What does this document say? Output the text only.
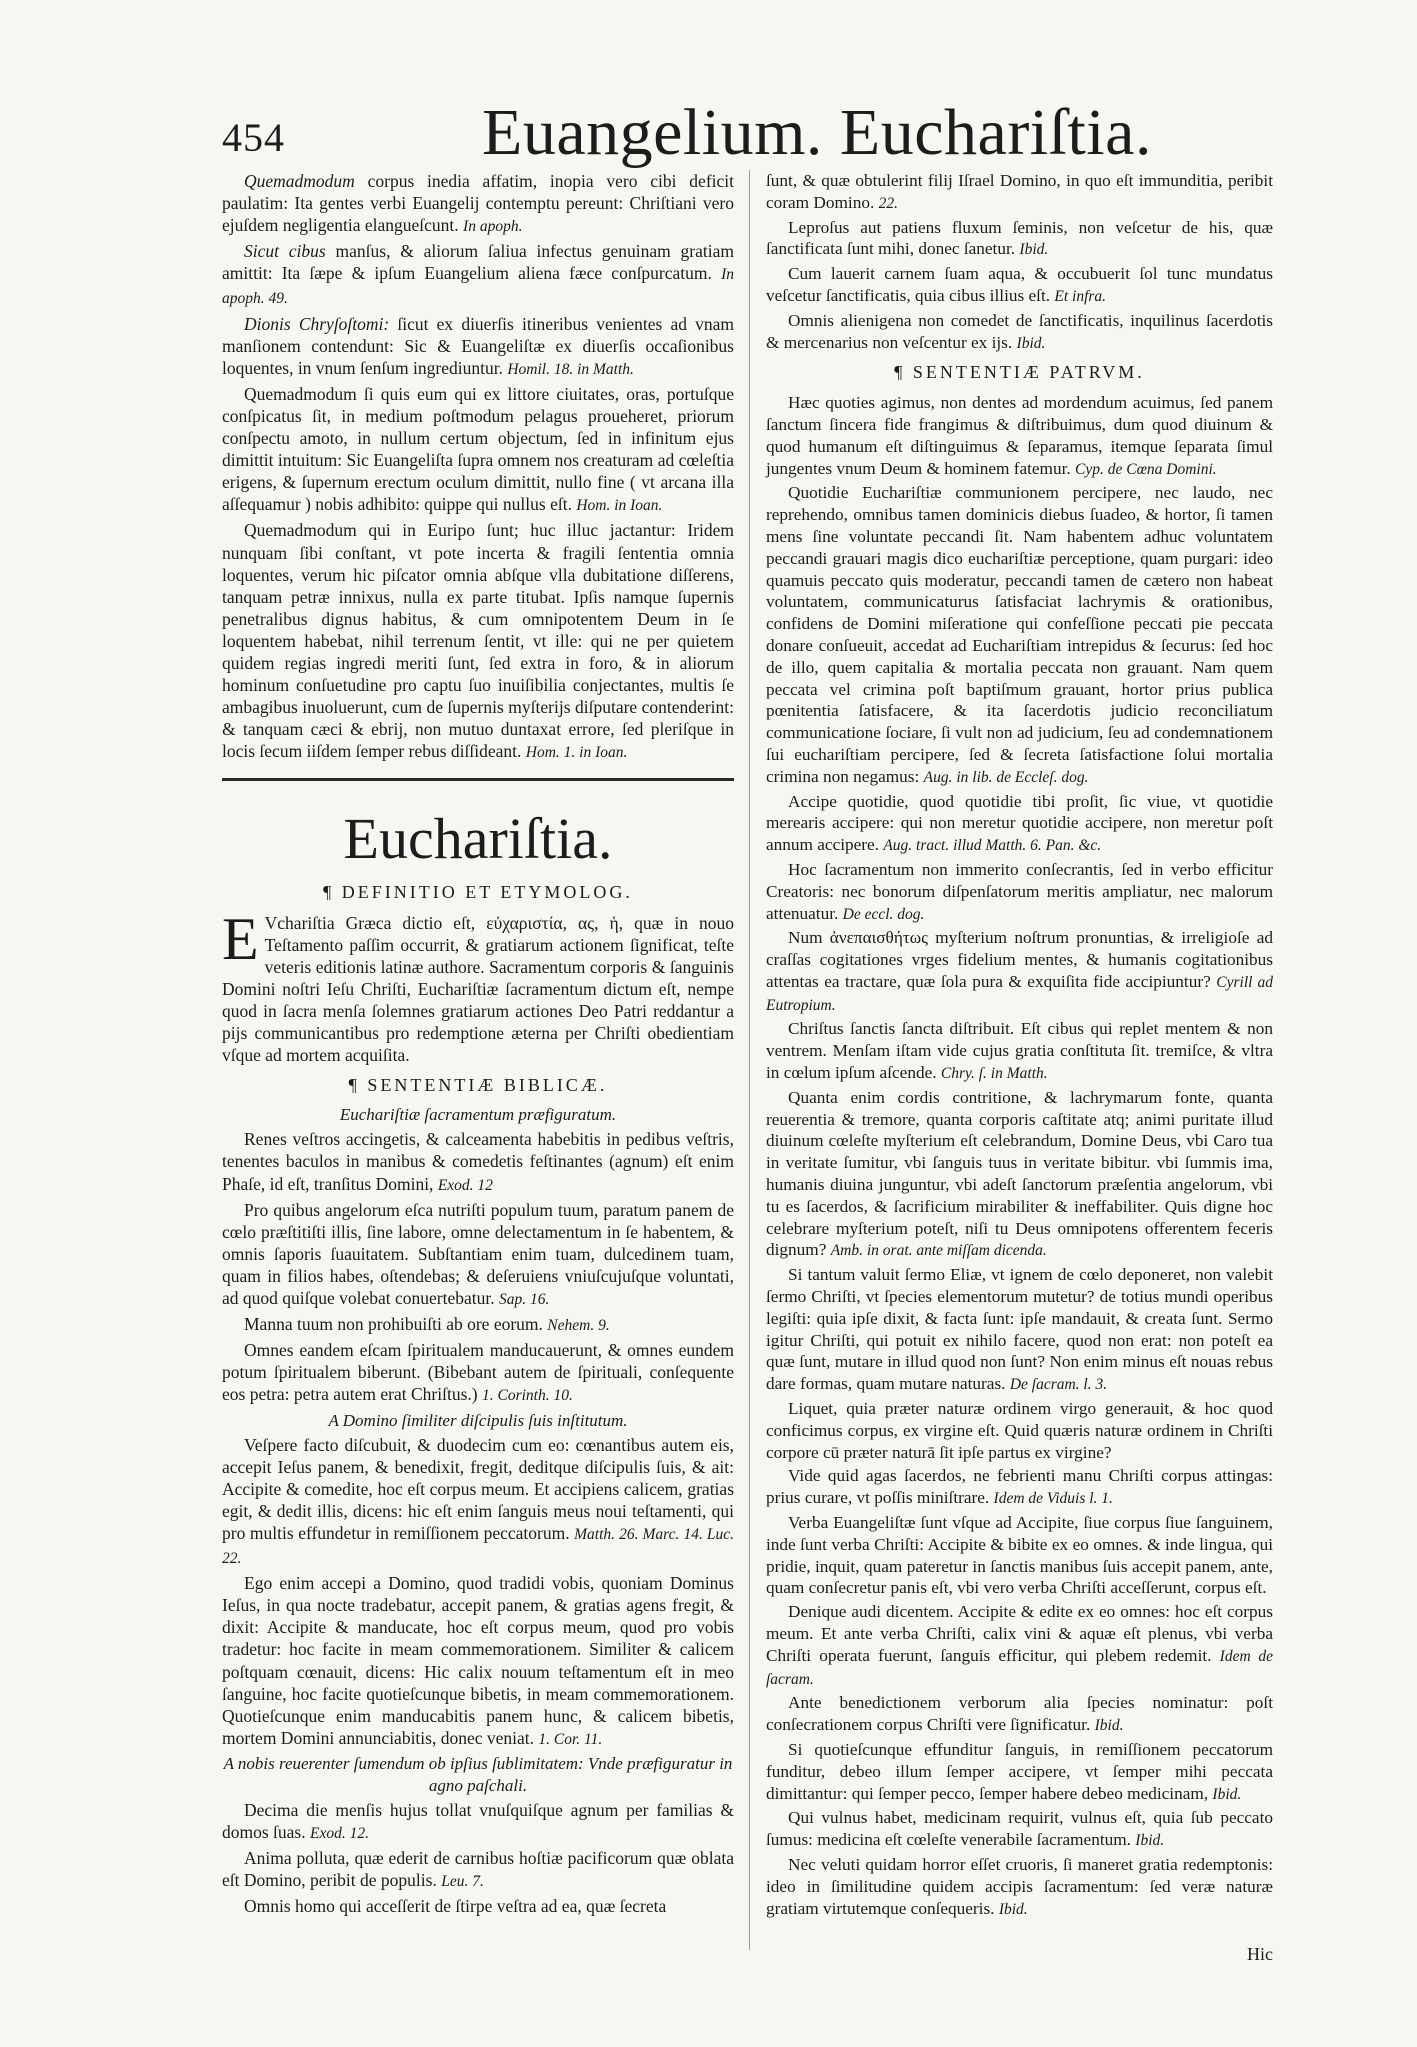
454	Euangelium. Euchariſtia.

Quemadmodum corpus inedia affatim, inopia vero cibi deficit paulatim: Ita gentes verbi Euangelij contemptu pereunt: Chriſtiani vero ejuſdem negligentia elangueſcunt. In apoph.

Sicut cibus manſus, & aliorum ſaliua infectus genuinam gratiam amittit: Ita ſæpe & ipſum Euangelium aliena fæce conſpurcatum. In apoph. 49.

Dionis Chryſoſtomi: ſicut ex diuerſis itineribus venientes ad vnam manſionem contendunt: Sic & Euangeliſtæ ex diuerſis occaſionibus loquentes, in vnum ſenſum ingrediuntur. Homil. 18. in Matth.

Quemadmodum ſi quis eum qui ex littore ciuitates, oras, portuſque conſpicatus ſit, in medium poſtmodum pelagus proueheret, priorum conſpectu amoto, in nullum certum objectum, ſed in infinitum ejus dimittit intuitum: Sic Euangeliſta ſupra omnem nos creaturam ad cœleſtia erigens, & ſupernum erectum oculum dimittit, nullo fine ( vt arcana illa aſſequamur ) nobis adhibito: quippe qui nullus eſt. Hom. in Ioan.

Quemadmodum qui in Euripo ſunt; huc illuc jactantur: Iridem nunquam ſibi conſtant, vt pote incerta & fragili ſententia omnia loquentes, verum hic piſcator omnia abſque vlla dubitatione diſſerens, tanquam petræ innixus, nulla ex parte titubat. Ipſis namque ſupernis penetralibus dignus habitus, & cum omnipotentem Deum in ſe loquentem habebat, nihil terrenum ſentit, vt ille: qui ne per quietem quidem regias ingredi meriti ſunt, ſed extra in foro, & in aliorum hominum conſuetudine pro captu ſuo inuiſibilia conjectantes, multis ſe ambagibus inuoluerunt, cum de ſupernis myſterijs diſputare contenderint: & tanquam cæci & ebrij, non mutuo duntaxat errore, ſed pleriſque in locis ſecum iiſdem ſemper rebus diſſideant. Hom. 1. in Ioan.

Euchariſtia.
¶ DEFINITIO ET ETYMOLOG.

E Vchariſtia Græca dictio eſt, εὐχαριστία, ας, ἡ, quæ in nouo Teſtamento paſſim occurrit, & gratiarum actionem ſignificat, teſte veteris editionis latinæ authore. Sacramentum corporis & ſanguinis Domini noſtri Ieſu Chriſti, Euchariſtiæ ſacramentum dictum eſt, nempe quod in ſacra menſa ſolemnes gratiarum actiones Deo Patri reddantur a pijs communicantibus pro redemptione æterna per Chriſti obedientiam vſque ad mortem acquiſita.

¶ SENTENTIÆ BIBLICÆ.
Euchariſtiæ ſacramentum præfiguratum.

Renes veſtros accingetis, & calceamenta habebitis in pedibus veſtris, tenentes baculos in manibus & comedetis feſtinantes (agnum) eſt enim Phaſe, id eſt, tranſitus Domini, Exod. 12

Pro quibus angelorum eſca nutriſti populum tuum, paratum panem de cœlo præſtitiſti illis, ſine labore, omne delectamentum in ſe habentem, & omnis ſaporis ſuauitatem. Subſtantiam enim tuam, dulcedinem tuam, quam in filios habes, oſtendebas; & deſeruiens vniuſcujuſque voluntati, ad quod quiſque volebat conuertebatur. Sap. 16.

Manna tuum non prohibuiſti ab ore eorum. Nehem. 9.

Omnes eandem eſcam ſpiritualem manducauerunt, & omnes eundem potum ſpiritualem biberunt. (Bibebant autem de ſpirituali, conſequente eos petra: petra autem erat Chriſtus.) 1. Corinth. 10.

A Domino ſimiliter diſcipulis ſuis inſtitutum.

Veſpere facto diſcubuit, & duodecim cum eo: cœnantibus autem eis, accepit Ieſus panem, & benedixit, fregit, deditque diſcipulis ſuis, & ait: Accipite & comedite, hoc eſt corpus meum. Et accipiens calicem, gratias egit, & dedit illis, dicens: hic eſt enim ſanguis meus noui teſtamenti, qui pro multis effundetur in remiſſionem peccatorum. Matth. 26. Marc. 14. Luc. 22.

Ego enim accepi a Domino, quod tradidi vobis, quoniam Dominus Ieſus, in qua nocte tradebatur, accepit panem, & gratias agens fregit, & dixit: Accipite & manducate, hoc eſt corpus meum, quod pro vobis tradetur: hoc facite in meam commemorationem. Similiter & calicem poſtquam cœnauit, dicens: Hic calix nouum teſtamentum eſt in meo ſanguine, hoc facite quotieſcunque bibetis, in meam commemorationem. Quotieſcunque enim manducabitis panem hunc, & calicem bibetis, mortem Domini annunciabitis, donec veniat. 1. Cor. 11.

A nobis reuerenter ſumendum ob ipſius ſublimitatem: Vnde præfiguratur in agno paſchali.

Decima die menſis hujus tollat vnuſquiſque agnum per familias & domos ſuas. Exod. 12.

Anima polluta, quæ ederit de carnibus hoſtiæ pacificorum quæ oblata eſt Domino, peribit de populis. Leu. 7.

Omnis homo qui acceſſerit de ſtirpe veſtra ad ea, quæ ſecreta

ſunt, & quæ obtulerint filij Iſrael Domino, in quo eſt immunditia, peribit coram Domino. 22.

Leproſus aut patiens fluxum ſeminis, non veſcetur de his, quæ ſanctificata ſunt mihi, donec ſanetur. Ibid.

Cum lauerit carnem ſuam aqua, & occubuerit ſol tunc mundatus veſcetur ſanctificatis, quia cibus illius eſt. Et infra.

Omnis alienigena non comedet de ſanctificatis, inquilinus ſacerdotis & mercenarius non veſcentur ex ijs. Ibid.

¶ SENTENTIÆ PATRVM.

Hæc quoties agimus, non dentes ad mordendum acuimus, ſed panem ſanctum ſincera fide frangimus & diſtribuimus, dum quod diuinum & quod humanum eſt diſtinguimus & ſeparamus, itemque ſeparata ſimul jungentes vnum Deum & hominem fatemur. Cyp. de Cœna Domini.

Quotidie Euchariſtiæ communionem percipere, nec laudo, nec reprehendo, omnibus tamen dominicis diebus ſuadeo, & hortor, ſi tamen mens ſine voluntate peccandi ſit. Nam habentem adhuc voluntatem peccandi grauari magis dico euchariſtiæ perceptione, quam purgari: ideo quamuis peccato quis moderatur, peccandi tamen de cætero non habeat voluntatem, communicaturus ſatisfaciat lachrymis & orationibus, confidens de Domini miſeratione qui confeſſione peccati pie peccata donare conſueuit, accedat ad Euchariſtiam intrepidus & ſecurus: ſed hoc de illo, quem capitalia & mortalia peccata non grauant. Nam quem peccata vel crimina poſt baptiſmum grauant, hortor prius publica pœnitentia ſatisfacere, & ita ſacerdotis judicio reconciliatum communicatione ſociare, ſi vult non ad judicium, ſeu ad condemnationem ſui euchariſtiam percipere, ſed & ſecreta ſatisfactione ſolui mortalia crimina non negamus: Aug. in lib. de Eccleſ. dog.

Accipe quotidie, quod quotidie tibi proſit, ſic viue, vt quotidie merearis accipere: qui non meretur quotidie accipere, non meretur poſt annum accipere. Aug. tract. illud Matth. 6. Pan. &c.

Hoc ſacramentum non immerito conſecrantis, ſed in verbo efficitur Creatoris: nec bonorum diſpenſatorum meritis ampliatur, nec malorum attenuatur. De eccl. dog.

Num ἀνεπαισθήτως myſterium noſtrum pronuntias, & irreligioſe ad craſſas cogitationes vrges fidelium mentes, & humanis cogitationibus attentas ea tractare, quæ ſola pura & exquiſita fide accipiuntur? Cyrill ad Eutropium.

Chriſtus ſanctis ſancta diſtribuit. Eſt cibus qui replet mentem & non ventrem. Menſam iſtam vide cujus gratia conſtituta ſit. tremiſce, & vltra in cœlum ipſum aſcende. Chry. ſ. in Matth.

Quanta enim cordis contritione, & lachrymarum fonte, quanta reuerentia & tremore, quanta corporis caſtitate atq; animi puritate illud diuinum cœleſte myſterium eſt celebrandum, Domine Deus, vbi Caro tua in veritate ſumitur, vbi ſanguis tuus in veritate bibitur. vbi ſummis ima, humanis diuina junguntur, vbi adeſt ſanctorum præſentia angelorum, vbi tu es ſacerdos, & ſacrificium mirabiliter & ineffabiliter. Quis digne hoc celebrare myſterium poteſt, niſi tu Deus omnipotens offerentem feceris dignum? Amb. in orat. ante miſſam dicenda.

Si tantum valuit ſermo Eliæ, vt ignem de cœlo deponeret, non valebit ſermo Chriſti, vt ſpecies elementorum mutetur? de totius mundi operibus legiſti: quia ipſe dixit, & facta ſunt: ipſe mandauit, & creata ſunt. Sermo igitur Chriſti, qui potuit ex nihilo facere, quod non erat: non poteſt ea quæ ſunt, mutare in illud quod non ſunt? Non enim minus eſt nouas rebus dare formas, quam mutare naturas. De ſacram. l. 3.

Liquet, quia præter naturæ ordinem virgo generauit, & hoc quod conficimus corpus, ex virgine eſt. Quid quæris naturæ ordinem in Chriſti corpore cū præter naturā ſit ipſe partus ex virgine?

Vide quid agas ſacerdos, ne febrienti manu Chriſti corpus attingas: prius curare, vt poſſis miniſtrare. Idem de Viduis l. 1.

Verba Euangeliſtæ ſunt vſque ad Accipite, ſiue corpus ſiue ſanguinem, inde ſunt verba Chriſti: Accipite & bibite ex eo omnes. & inde lingua, qui pridie, inquit, quam pateretur in ſanctis manibus ſuis accepit panem, ante, quam conſecretur panis eſt, vbi vero verba Chriſti acceſſerunt, corpus eſt.

Denique audi dicentem. Accipite & edite ex eo omnes: hoc eſt corpus meum. Et ante verba Chriſti, calix vini & aquæ eſt plenus, vbi verba Chriſti operata fuerunt, ſanguis efficitur, qui plebem redemit. Idem de ſacram.

Ante benedictionem verborum alia ſpecies nominatur: poſt conſecrationem corpus Chriſti vere ſignificatur. Ibid.

Si quotieſcunque effunditur ſanguis, in remiſſionem peccatorum funditur, debeo illum ſemper accipere, vt ſemper mihi peccata dimittantur: qui ſemper pecco, ſemper habere debeo medicinam, Ibid.

Qui vulnus habet, medicinam requirit, vulnus eſt, quia ſub peccato ſumus: medicina eſt cœleſte venerabile ſacramentum. Ibid.

Nec veluti quidam horror eſſet cruoris, ſi maneret gratia redemptonis: ideo in ſimilitudine quidem accipis ſacramentum: ſed veræ naturæ gratiam virtutemque conſequeris. Ibid.

Hic
